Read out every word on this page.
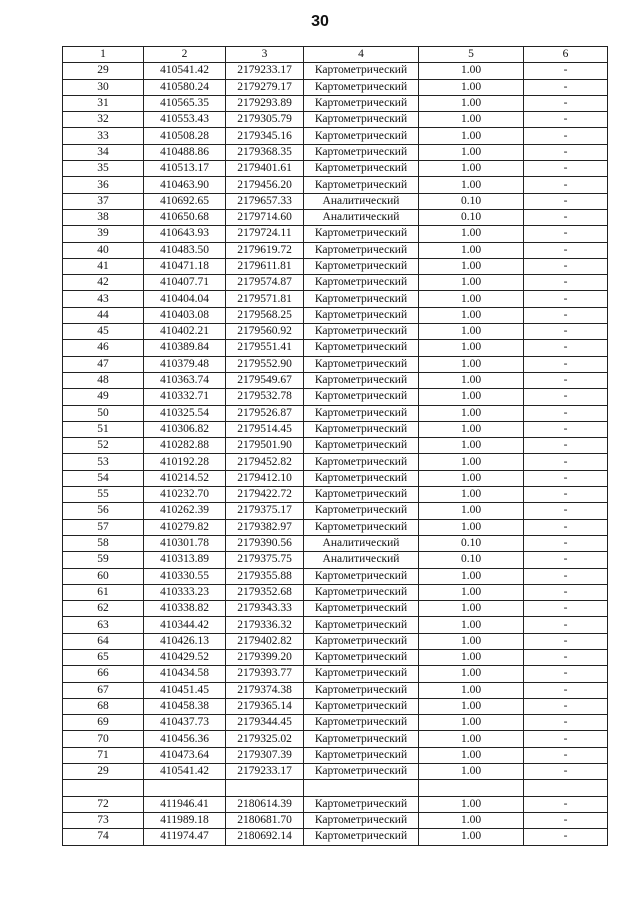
30
1	2	3	4	5	6
29	410541.42	2179233.17	Картометрический	1.00	-
30	410580.24	2179279.17	Картометрический	1.00	-
31	410565.35	2179293.89	Картометрический	1.00	-
32	410553.43	2179305.79	Картометрический	1.00	-
33	410508.28	2179345.16	Картометрический	1.00	-
34	410488.86	2179368.35	Картометрический	1.00	-
35	410513.17	2179401.61	Картометрический	1.00	-
36	410463.90	2179456.20	Картометрический	1.00	-
37	410692.65	2179657.33	Аналитический	0.10	-
38	410650.68	2179714.60	Аналитический	0.10	-
39	410643.93	2179724.11	Картометрический	1.00	-
40	410483.50	2179619.72	Картометрический	1.00	-
41	410471.18	2179611.81	Картометрический	1.00	-
42	410407.71	2179574.87	Картометрический	1.00	-
43	410404.04	2179571.81	Картометрический	1.00	-
44	410403.08	2179568.25	Картометрический	1.00	-
45	410402.21	2179560.92	Картометрический	1.00	-
46	410389.84	2179551.41	Картометрический	1.00	-
47	410379.48	2179552.90	Картометрический	1.00	-
48	410363.74	2179549.67	Картометрический	1.00	-
49	410332.71	2179532.78	Картометрический	1.00	-
50	410325.54	2179526.87	Картометрический	1.00	-
51	410306.82	2179514.45	Картометрический	1.00	-
52	410282.88	2179501.90	Картометрический	1.00	-
53	410192.28	2179452.82	Картометрический	1.00	-
54	410214.52	2179412.10	Картометрический	1.00	-
55	410232.70	2179422.72	Картометрический	1.00	-
56	410262.39	2179375.17	Картометрический	1.00	-
57	410279.82	2179382.97	Картометрический	1.00	-
58	410301.78	2179390.56	Аналитический	0.10	-
59	410313.89	2179375.75	Аналитический	0.10	-
60	410330.55	2179355.88	Картометрический	1.00	-
61	410333.23	2179352.68	Картометрический	1.00	-
62	410338.82	2179343.33	Картометрический	1.00	-
63	410344.42	2179336.32	Картометрический	1.00	-
64	410426.13	2179402.82	Картометрический	1.00	-
65	410429.52	2179399.20	Картометрический	1.00	-
66	410434.58	2179393.77	Картометрический	1.00	-
67	410451.45	2179374.38	Картометрический	1.00	-
68	410458.38	2179365.14	Картометрический	1.00	-
69	410437.73	2179344.45	Картометрический	1.00	-
70	410456.36	2179325.02	Картометрический	1.00	-
71	410473.64	2179307.39	Картометрический	1.00	-
29	410541.42	2179233.17	Картометрический	1.00	-

72	411946.41	2180614.39	Картометрический	1.00	-
73	411989.18	2180681.70	Картометрический	1.00	-
74	411974.47	2180692.14	Картометрический	1.00	-
